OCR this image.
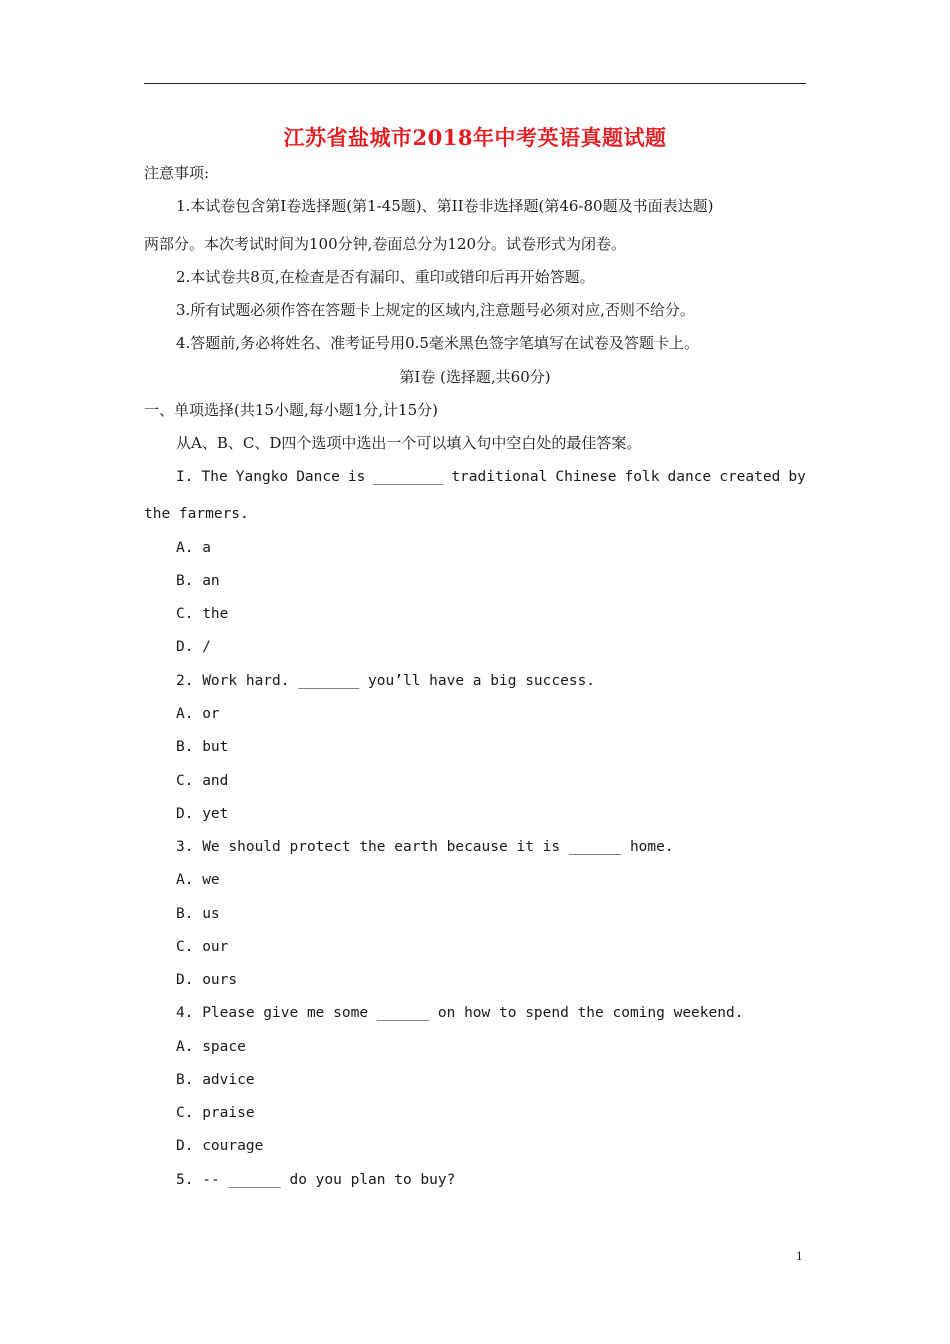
江苏省盐城市2018年中考英语真题试题
注意事项:
1.本试卷包含第Ⅰ卷选择题(第1-45题)、第II卷非选择题(第46-80题及书面表达题)
两部分。本次考试时间为100分钟,卷面总分为120分。试卷形式为闭卷。
2.本试卷共8页,在检查是否有漏印、重印或错印后再开始答题。
3.所有试题必须作答在答题卡上规定的区域内,注意题号必须对应,否则不给分。
4.答题前,务必将姓名、准考证号用0.5毫米黑色签字笔填写在试卷及答题卡上。
第Ⅰ卷 (选择题,共60分)
一、单项选择(共15小题,每小题1分,计15分)
从A、B、C、D四个选项中选出一个可以填入句中空白处的最佳答案。
I. The Yangko Dance is ________ traditional Chinese folk dance created by
the farmers.
A. a
B. an
C. the
D. /
2. Work hard. _______ you’ll have a big success.
A. or
B. but
C. and
D. yet
3. We should protect the earth because it is ______ home.
A. we
B. us
C. our
D. ours
4. Please give me some ______ on how to spend the coming weekend.
A. space
B. advice
C. praise
D. courage
5. -- ______ do you plan to buy?
1
